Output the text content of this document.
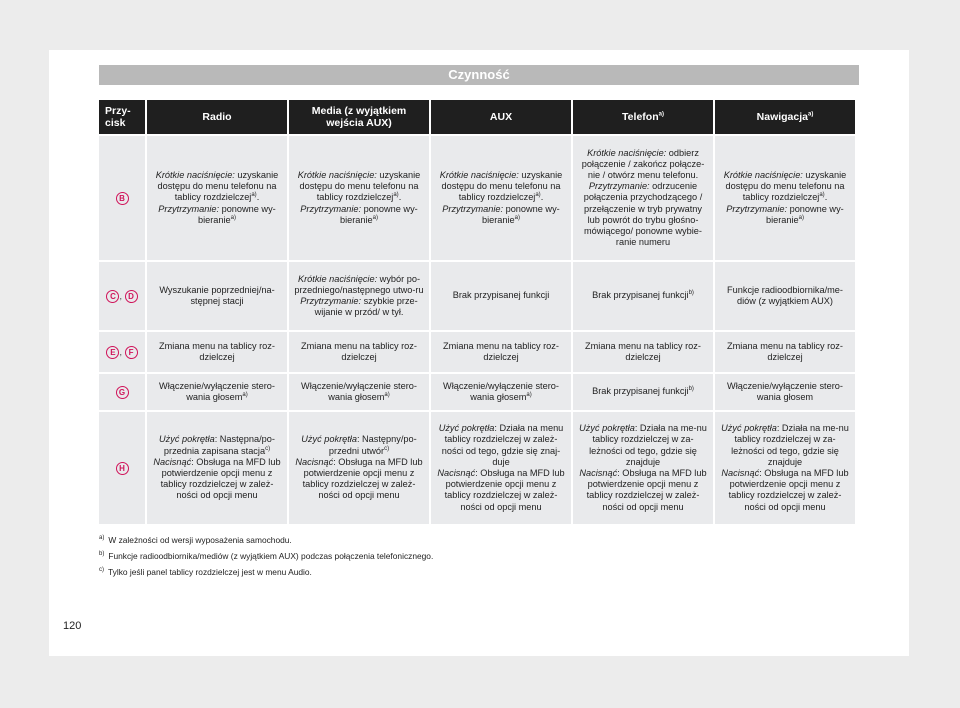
Czynność
Przy-
cisk	Radio	Media (z wyjątkiem
wejścia AUX)	AUX	Telefon$^{a)}$	Nawigacja$^{a)}$
B	Krótkie naciśnięcie: uzyskanie dostępu do menu telefonu na tablicy rozdzielczej$^{a)}$.
Przytrzymanie: ponowne wy-bieranie$^{a)}$	Krótkie naciśnięcie: uzyskanie dostępu do menu telefonu na tablicy rozdzielczej$^{a)}$.
Przytrzymanie: ponowne wy-bieranie$^{a)}$	Krótkie naciśnięcie: uzyskanie dostępu do menu telefonu na tablicy rozdzielczej$^{a)}$.
Przytrzymanie: ponowne wy-bieranie$^{a)}$	Krótkie naciśnięcie: odbierz połączenie / zakończ połącze-nie / otwórz menu telefonu.
Przytrzymanie: odrzucenie połączenia przychodzącego / przełączenie w tryb prywatny lub powrót do trybu głośno-mówiącego/ ponowne wybie-ranie numeru	Krótkie naciśnięcie: uzyskanie dostępu do menu telefonu na tablicy rozdzielczej$^{a)}$.
Przytrzymanie: ponowne wy-bieranie$^{a)}$
C , D	Wyszukanie poprzedniej/na-stępnej stacji	Krótkie naciśnięcie: wybór po-przedniego/następnego utwo-ru
Przytrzymanie: szybkie prze-wijanie w przód/ w tył.	Brak przypisanej funkcji	Brak przypisanej funkcji$^{b)}$	Funkcje radioodbiornika/me-diów (z wyjątkiem AUX)
E , F	Zmiana menu na tablicy roz-dzielczej	Zmiana menu na tablicy roz-dzielczej	Zmiana menu na tablicy roz-dzielczej	Zmiana menu na tablicy roz-dzielczej	Zmiana menu na tablicy roz-dzielczej
G	Włączenie/wyłączenie stero-wania głosem$^{a)}$	Włączenie/wyłączenie stero-wania głosem$^{a)}$	Włączenie/wyłączenie stero-wania głosem$^{a)}$	Brak przypisanej funkcji$^{b)}$	Włączenie/wyłączenie stero-wania głosem
H	Użyć pokrętła: Następna/po-przednia zapisana stacja$^{c)}$
Nacisnąć: Obsługa na MFD lub potwierdzenie opcji menu z tablicy rozdzielczej w zależ-ności od opcji menu	Użyć pokrętła: Następny/po-przedni utwór$^{c)}$
Nacisnąć: Obsługa na MFD lub potwierdzenie opcji menu z tablicy rozdzielczej w zależ-ności od opcji menu	Użyć pokrętła: Działa na menu tablicy rozdzielczej w zależ-ności od tego, gdzie się znaj-duje
Nacisnąć: Obsługa na MFD lub potwierdzenie opcji menu z tablicy rozdzielczej w zależ-ności od opcji menu	Użyć pokrętła: Działa na me-nu tablicy rozdzielczej w za-leżności od tego, gdzie się znajduje
Nacisnąć: Obsługa na MFD lub potwierdzenie opcji menu z tablicy rozdzielczej w zależ-ności od opcji menu	Użyć pokrętła: Działa na me-nu tablicy rozdzielczej w za-leżności od tego, gdzie się znajduje
Nacisnąć: Obsługa na MFD lub potwierdzenie opcji menu z tablicy rozdzielczej w zależ-ności od opcji menu
$^{a)}$ W zależności od wersji wyposażenia samochodu.
$^{b)}$ Funkcje radioodbiornika/mediów (z wyjątkiem AUX) podczas połączenia telefonicznego.
$^{c)}$ Tylko jeśli panel tablicy rozdzielczej jest w menu Audio.
120
